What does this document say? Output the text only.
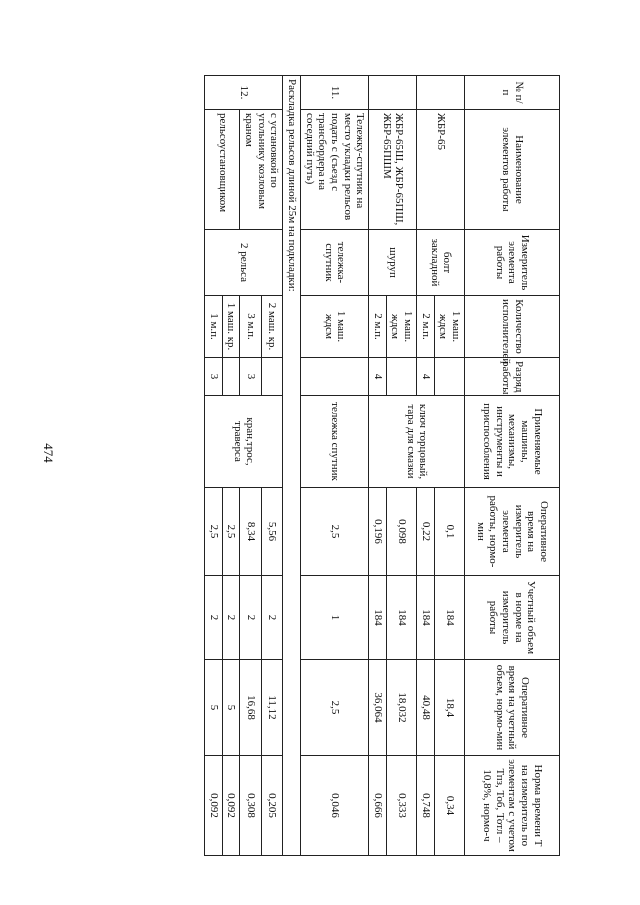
474
№ п/п	Наименование элементов работы	Измеритель элемента работы	Количество исполнителей	Разряд работы	Применяемые машины, механизмы, инструменты и приспособления	Оперативное время на измеритель элемента работы, нормо-мин	Учетный объем в норме на измеритель работы	Оперативное время на учетный объем, нормо-мин	Норма времени Т на измеритель по элементам с учетом Тпз, Тоб, Тотл – 10,8%, нормо-ч
	ЖБР-65	болт закладной	1 маш. ждсм		ключ торцовый, тара для смазки	0,1	184	18,4	0,34
			2 м.п.	4		0,22	184	40,48	0,748
	ЖБР-65Ш, ЖБР-65ПШ, ЖБР-65ПШМ	шуруп	1 маш. ждсм			0,098	184	18,032	0,333
			2 м.п.	4		0,196	184	36,064	0,666
11.	Тележку-спутник на место укладки рельсов подать с (съезд с трансбордера на соседний путь)	тележка-спутник	1 маш. ждсм		тележка спутник	2,5	1	2,5	0,046
Раскладка рельсов длиной 25м на подкладки:									
12.	с установкой по угольнику козловым краном	2 рельса	2 маш. кр.		кран,трос, траверса	5,56	2	11,12	0,205
			3 м.п.	3		8,34	2	16,68	0,308
	рельсоустановщиком		1 маш. кр.			2,5	2	5	0,092
			1 м.п.	3		2,5	2	5	0,092
